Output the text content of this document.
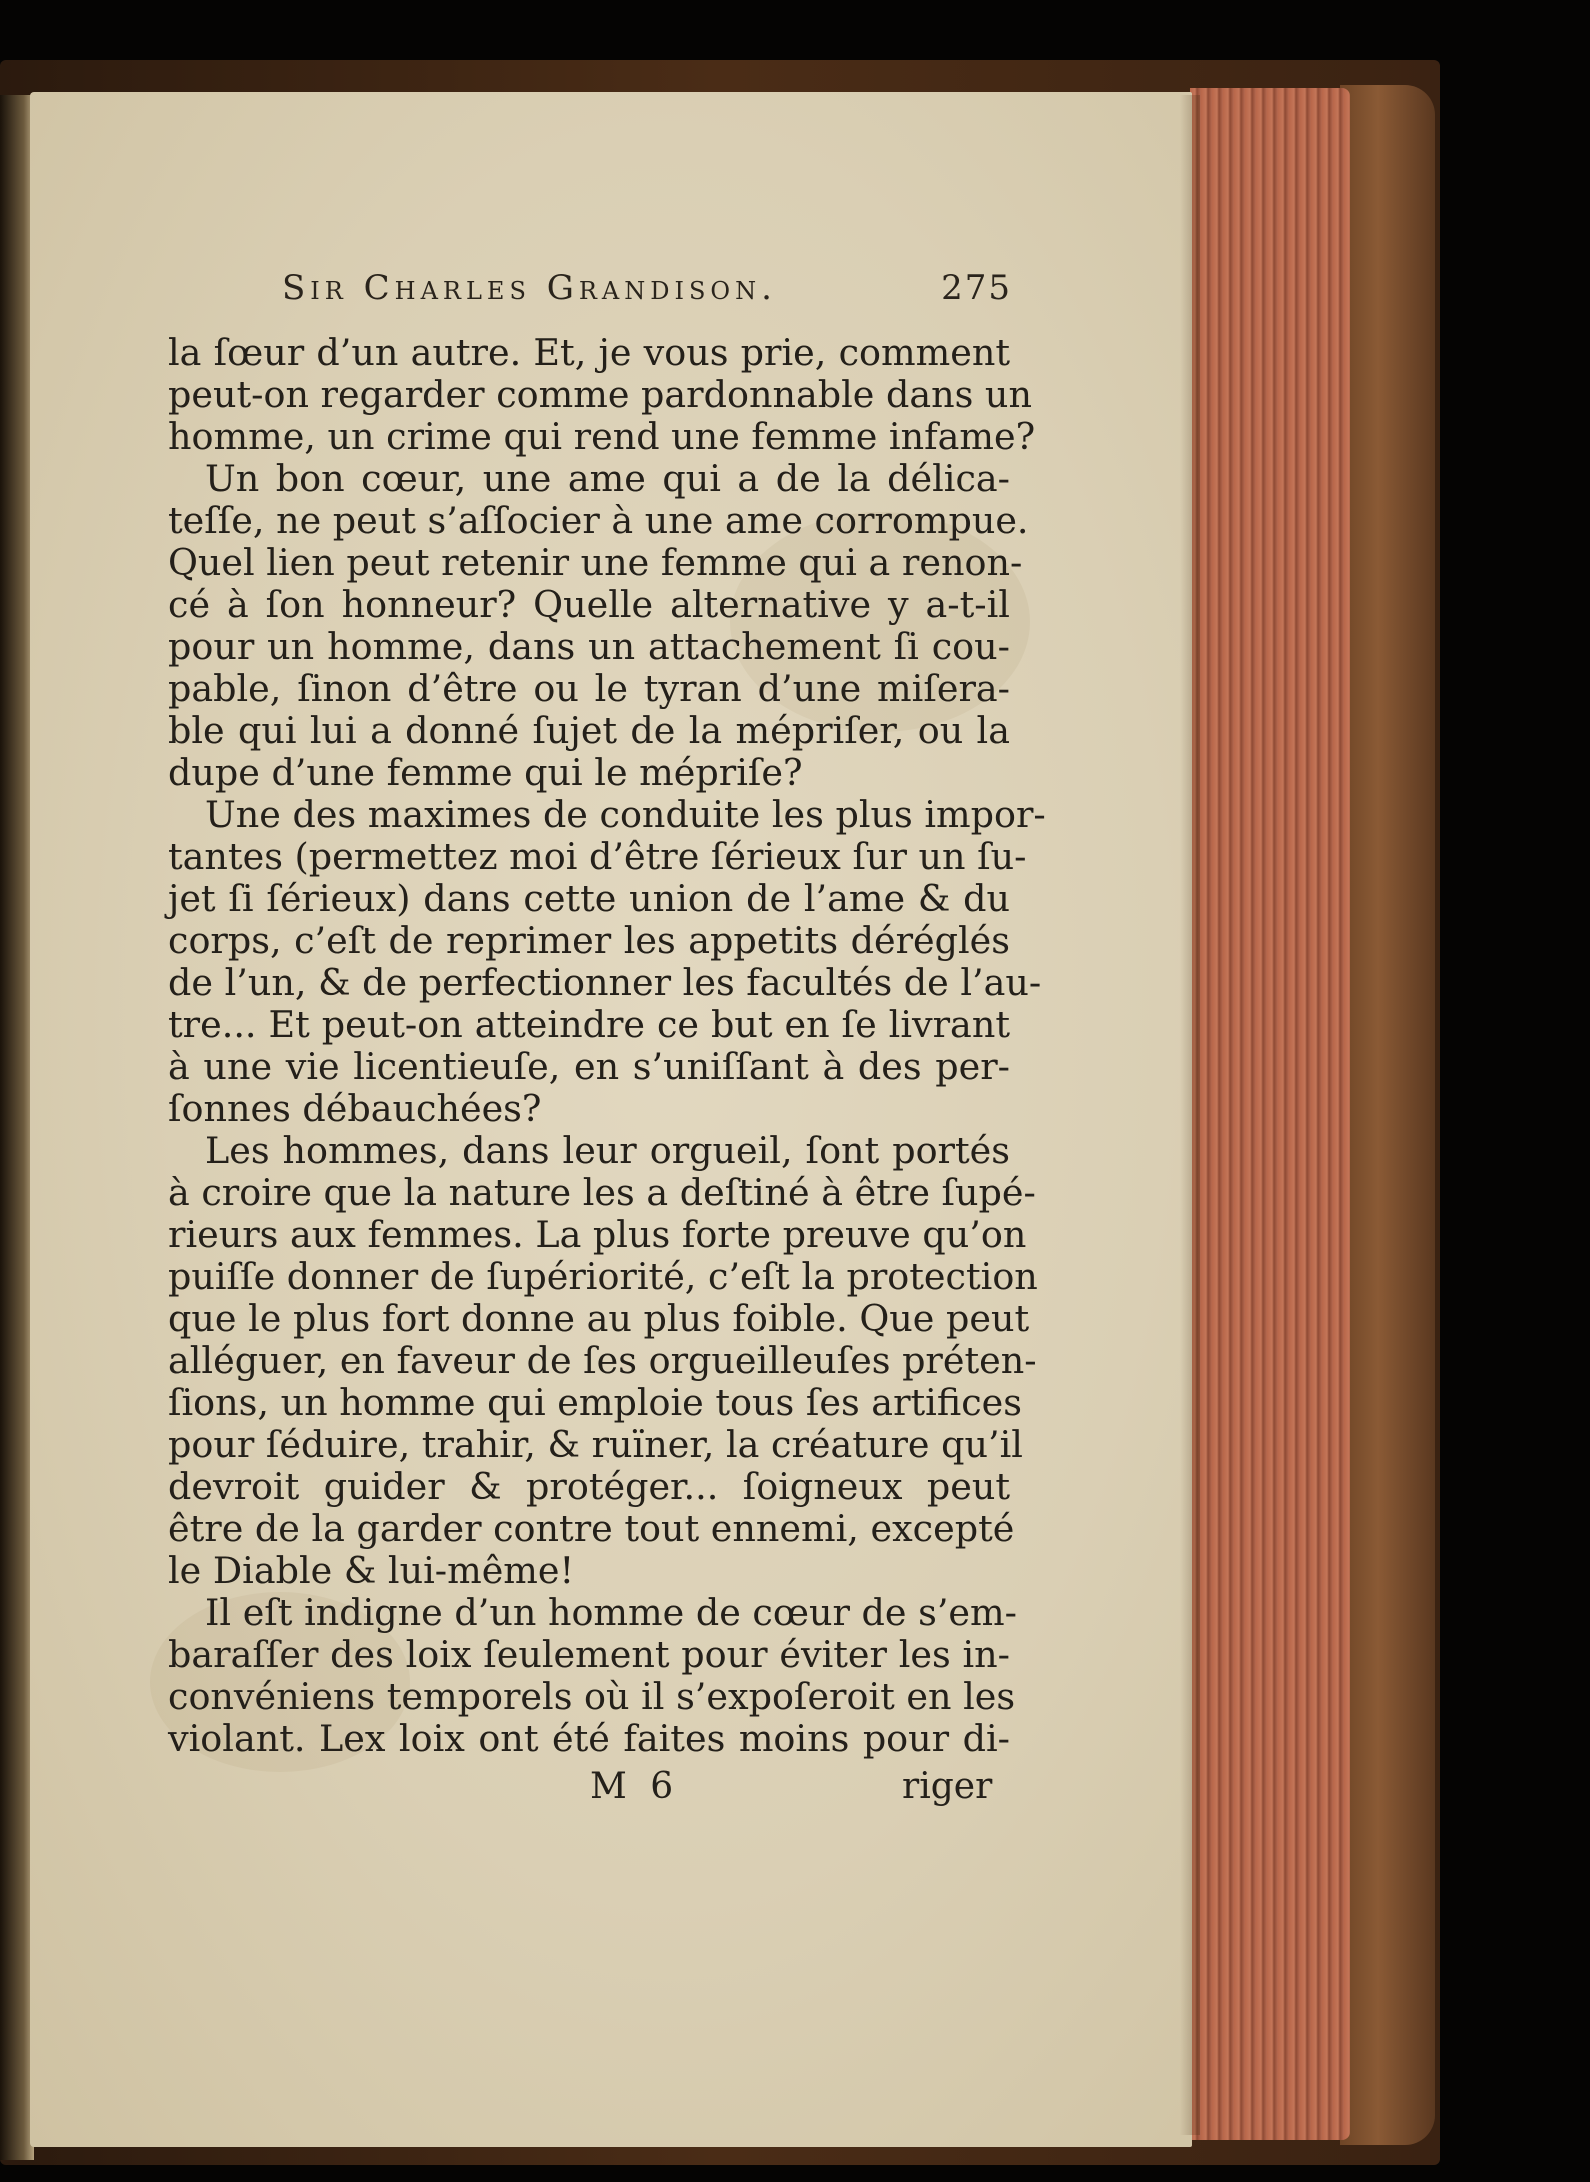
Sir Charles Grandison.	275
la ſœur d’un autre. Et, je vous prie, comment
peut-on regarder comme pardonnable dans un
homme, un crime qui rend une femme infame?
Un bon cœur, une ame qui a de la délica-
teſſe, ne peut s’aſſocier à une ame corrompue.
Quel lien peut retenir une femme qui a renon-
cé à ſon honneur? Quelle alternative y a-t-il
pour un homme, dans un attachement ſi cou-
pable, ſinon d’être ou le tyran d’une miſera-
ble qui lui a donné ſujet de la mépriſer, ou la
dupe d’une femme qui le mépriſe?
Une des maximes de conduite les plus impor-
tantes (permettez moi d’être ſérieux ſur un ſu-
jet ſi ſérieux) dans cette union de l’ame & du
corps, c’eſt de reprimer les appetits déréglés
de l’un, & de perfectionner les facultés de l’au-
tre... Et peut-on atteindre ce but en ſe livrant
à une vie licentieuſe, en s’uniſſant à des per-
ſonnes débauchées?
Les hommes, dans leur orgueil, ſont portés
à croire que la nature les a deſtiné à être ſupé-
rieurs aux femmes. La plus forte preuve qu’on
puiſſe donner de ſupériorité, c’eſt la protection
que le plus fort donne au plus foible. Que peut
alléguer, en faveur de ſes orgueilleuſes préten-
ſions, un homme qui emploie tous ſes artifices
pour ſéduire, trahir, & ruïner, la créature qu’il
devroit guider & protéger... ſoigneux peut
être de la garder contre tout ennemi, excepté
le Diable & lui-même!
Il eſt indigne d’un homme de cœur de s’em-
baraſſer des loix ſeulement pour éviter les in-
convéniens temporels où il s’expoſeroit en les
violant. Lex loix ont été faites moins pour di-
M 6	riger
